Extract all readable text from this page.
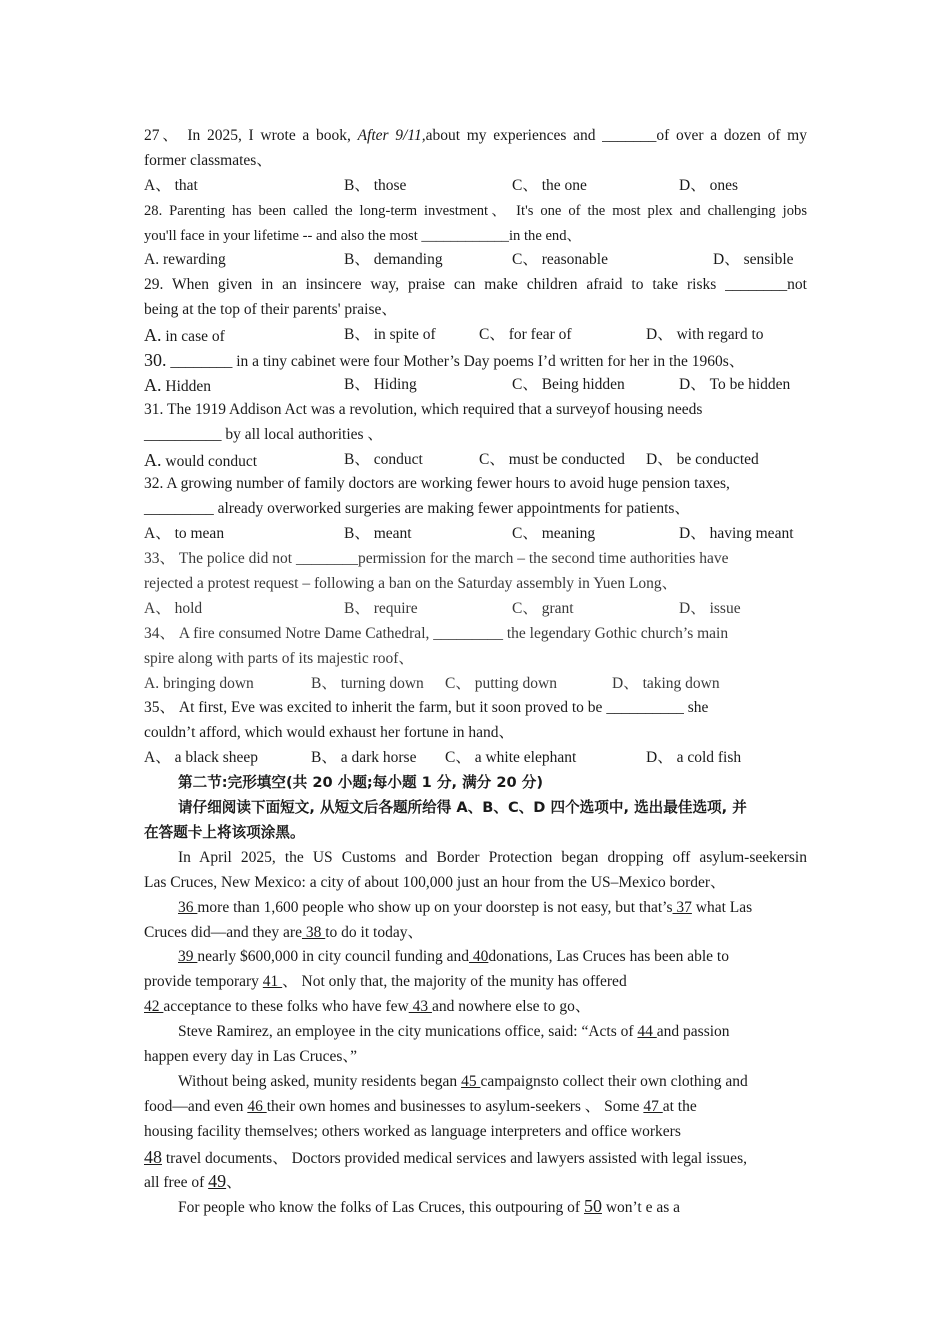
27、 In 2025, I wrote a book, After 9/11,about my experiences and _______of over a dozen of my
former classmates、
A、 that	B、 those	C、 the one	D、 ones
28. Parenting has been called the long-term investment、 It's one of the most plex and challenging jobs
you'll face in your lifetime -- and also the most ____________in the end、
A. rewarding	B、 demanding	C、 reasonable	D、 sensible
29. When given in an insincere way, praise can make children afraid to take risks ________not
being at the top of their parents' praise、
A. in case of	B、 in spite of	C、 for fear of	D、 with regard to
30. ________ in a tiny cabinet were four Mother’s Day poems I’d written for her in the 1960s、
A. Hidden	B、 Hiding	C、 Being hidden	D、 To be hidden
31. The 1919 Addison Act was a revolution, which required that a surveyof housing needs
__________ by all local authorities 、
A. would conduct	B、 conduct	C、 must be conducted D、 be conducted
32. A growing number of family doctors are working fewer hours to avoid huge pension taxes,
_________ already overworked surgeries are making fewer appointments for patients、
A、 to mean	B、 meant	C、 meaning	D、 having meant
33、 The police did not ________permission for the march – the second time authorities have
rejected a protest request – following a ban on the Saturday assembly in Yuen Long、
A、 hold	B、 require	C、 grant	D、 issue
34、 A fire consumed Notre Dame Cathedral, _________ the legendary Gothic church’s main
spire along with parts of its majestic roof、
A. bringing down	B、 turning down C、 putting down	D、 taking down
35、 At first, Eve was excited to inherit the farm, but it soon proved to be __________ she
couldn’t afford, which would exhaust her fortune in hand、
A、 a black sheep	B、 a dark horse C、 a white elephant	D、 a cold fish
第二节:完形填空(共 20 小题;每小题 1 分, 满分 20 分)
请仔细阅读下面短文, 从短文后各题所给得 A、B、C、D 四个选项中, 选出最佳选项, 并
在答题卡上将该项涂黑。
In April 2025, the US Customs and Border Protection began dropping off asylum-seekersin
Las Cruces, New Mexico: a city of about 100,000 just an hour from the US–Mexico border、
36 more than 1,600 people who show up on your doorstep is not easy, but that’s 37 what Las
Cruces did—and they are 38 to do it today、
39 nearly $600,000 in city council funding and 40donations, Las Cruces has been able to
provide temporary 41 、 Not only that, the majority of the munity has offered
42 acceptance to these folks who have few 43 and nowhere else to go、
Steve Ramirez, an employee in the city munications office, said: “Acts of 44 and passion
happen every day in Las Cruces、”
Without being asked, munity residents began 45 campaignsto collect their own clothing and
food—and even 46 their own homes and businesses to asylum-seekers 、 Some 47 at the
housing facility themselves; others worked as language interpreters and office workers
48 travel documents、 Doctors provided medical services and lawyers assisted with legal issues,
all free of 49、
For people who know the folks of Las Cruces, this outpouring of 50 won’t e as a
